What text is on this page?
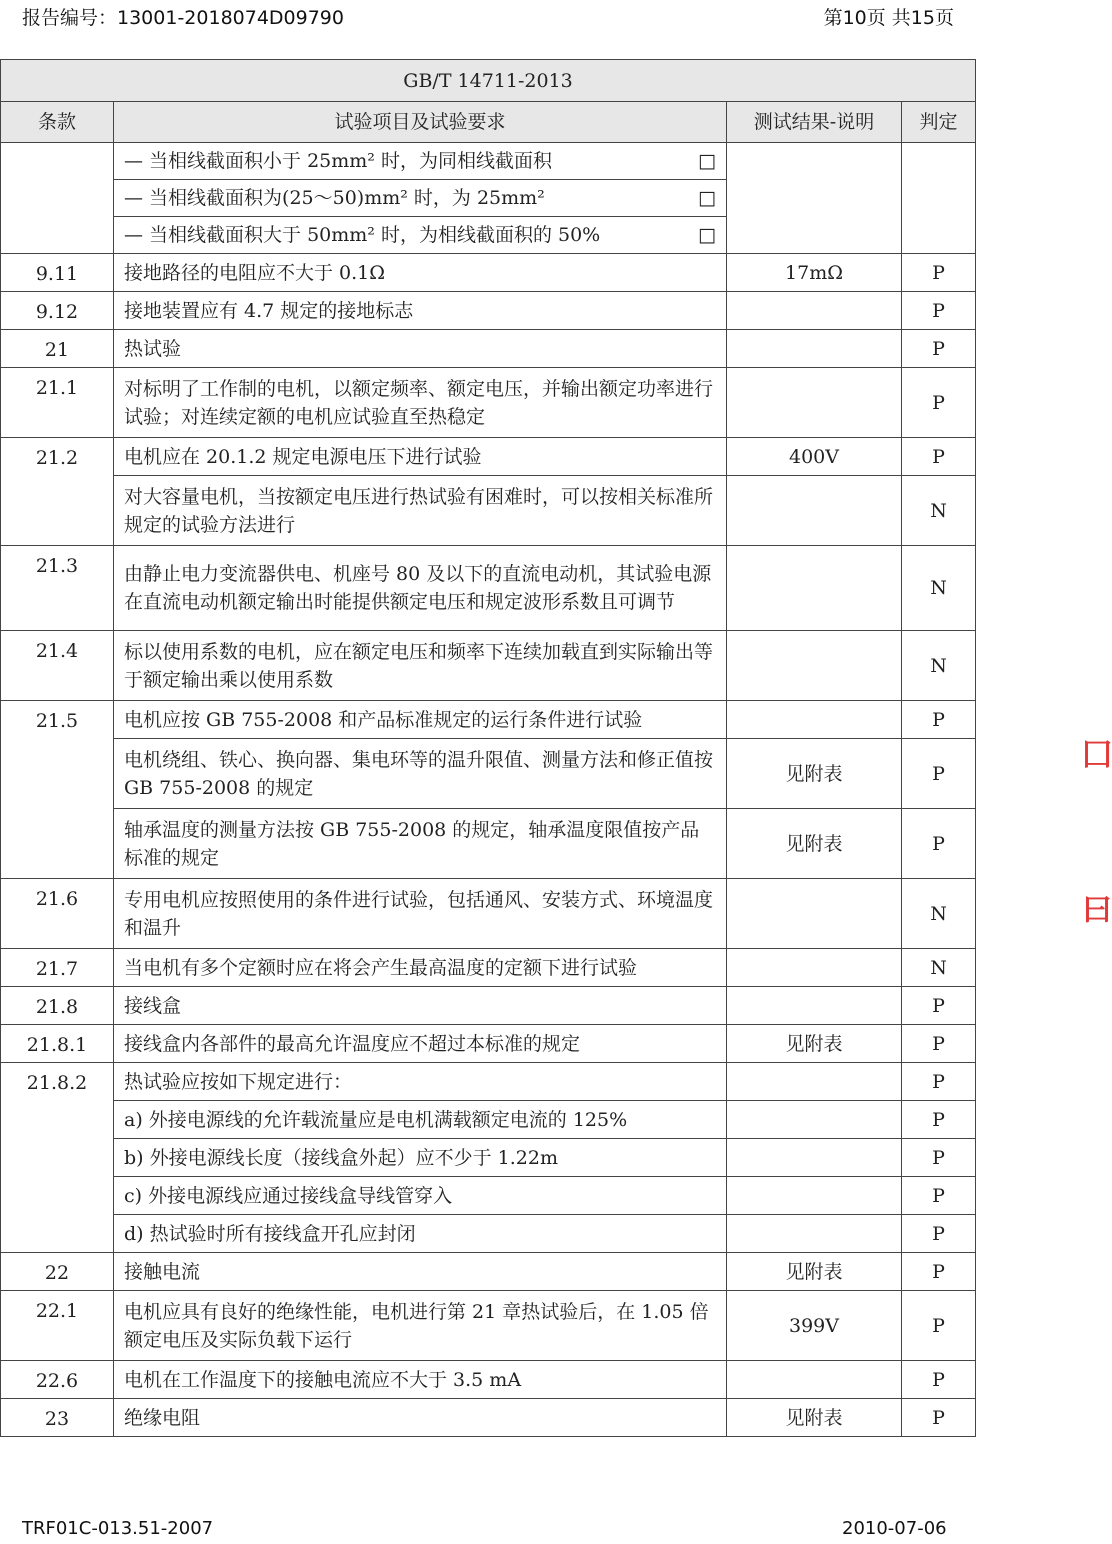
报告编号：13001-2018074D09790	第10页 共15页
GB/T 14711-2013			
条款	试验项目及试验要求	测试结果-说明	判定
	— 当相线截面积小于 25mm² 时，为同相线截面积 □		

	— 当相线截面积为(25～50)mm² 时，为 25mm² □		

	— 当相线截面积大于 50mm² 时，为相线截面积的 50% □		

9.11	接地路径的电阻应不大于 0.1Ω	17mΩ	P
9.12	接地装置应有 4.7 规定的接地标志		P
21	热试验		P
21.1	对标明了工作制的电机，以额定频率、额定电压，并输出额定功率进行试验；对连续定额的电机应试验直至热稳定		P
21.2	电机应在 20.1.2 规定电源电压下进行试验	400V	P
	对大容量电机，当按额定电压进行热试验有困难时，可以按相关标准所规定的试验方法进行		N
21.3	由静止电力变流器供电、机座号 80 及以下的直流电动机，其试验电源在直流电动机额定输出时能提供额定电压和规定波形系数且可调节		N
21.4	标以使用系数的电机，应在额定电压和频率下连续加载直到实际输出等于额定输出乘以使用系数		N
21.5	电机应按 GB 755-2008 和产品标准规定的运行条件进行试验		P
	电机绕组、铁心、换向器、集电环等的温升限值、测量方法和修正值按 GB 755-2008 的规定	见附表	P
	轴承温度的测量方法按 GB 755-2008 的规定，轴承温度限值按产品标准的规定	见附表	P
21.6	专用电机应按照使用的条件进行试验，包括通风、安装方式、环境温度和温升		N
21.7	当电机有多个定额时应在将会产生最高温度的定额下进行试验		N
21.8	接线盒		P
21.8.1	接线盒内各部件的最高允许温度应不超过本标准的规定	见附表	P
21.8.2	热试验应按如下规定进行：		P
	a) 外接电源线的允许载流量应是电机满载额定电流的 125%		P
	b) 外接电源线长度（接线盒外起）应不少于 1.22m		P
	c) 外接电源线应通过接线盒导线管穿入		P
	d) 热试验时所有接线盒开孔应封闭		P
22	接触电流	见附表	P
22.1	电机应具有良好的绝缘性能，电机进行第 21 章热试验后，在 1.05 倍额定电压及实际负载下运行	399V	P
22.6	电机在工作温度下的接触电流应不大于 3.5 mA		P
23	绝缘电阻	见附表	P
⼞
⽈
TRF01C-013.51-2007	2010-07-06
